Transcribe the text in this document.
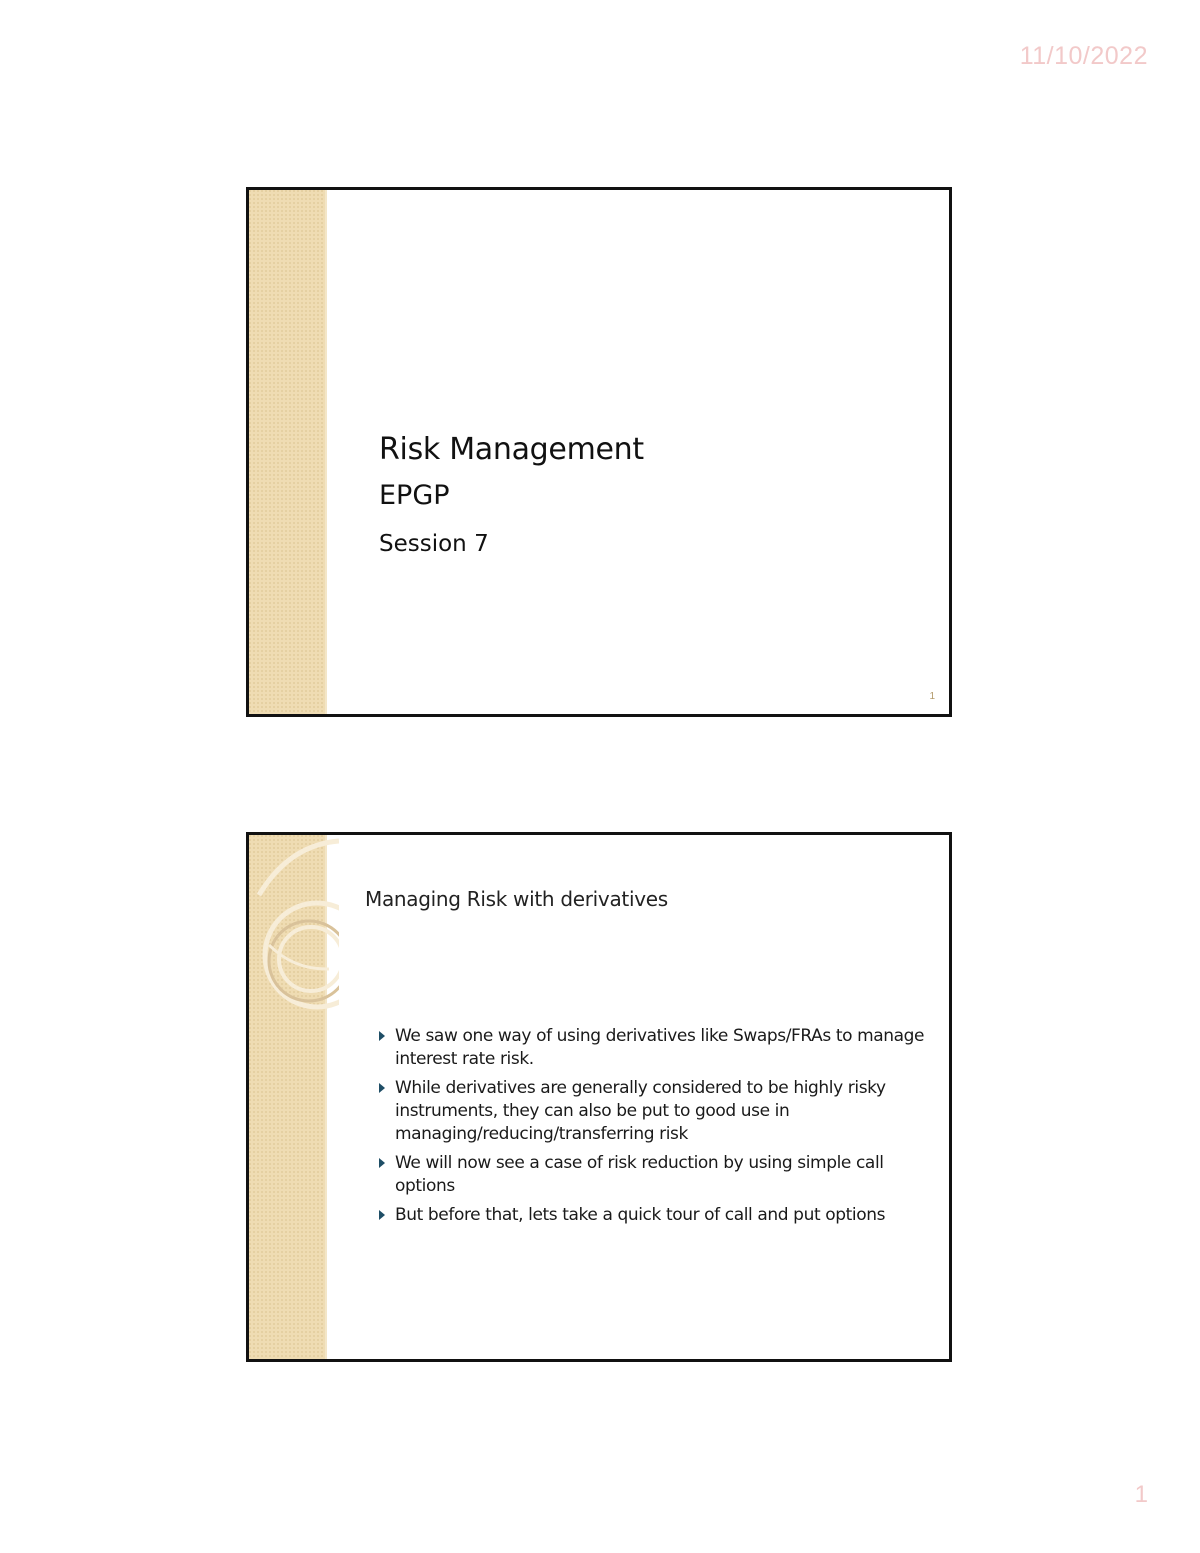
11/10/2022

Risk Management

EPGP

Session 7

1
Managing Risk with derivatives
We saw one way of using derivatives like Swaps/FRAs to manage interest rate risk.
While derivatives are generally considered to be highly risky instruments, they can also be put to good use in managing/reducing/transferring risk
We will now see a case of risk reduction by using simple call options
But before that, lets take a quick tour of call and put options
1
